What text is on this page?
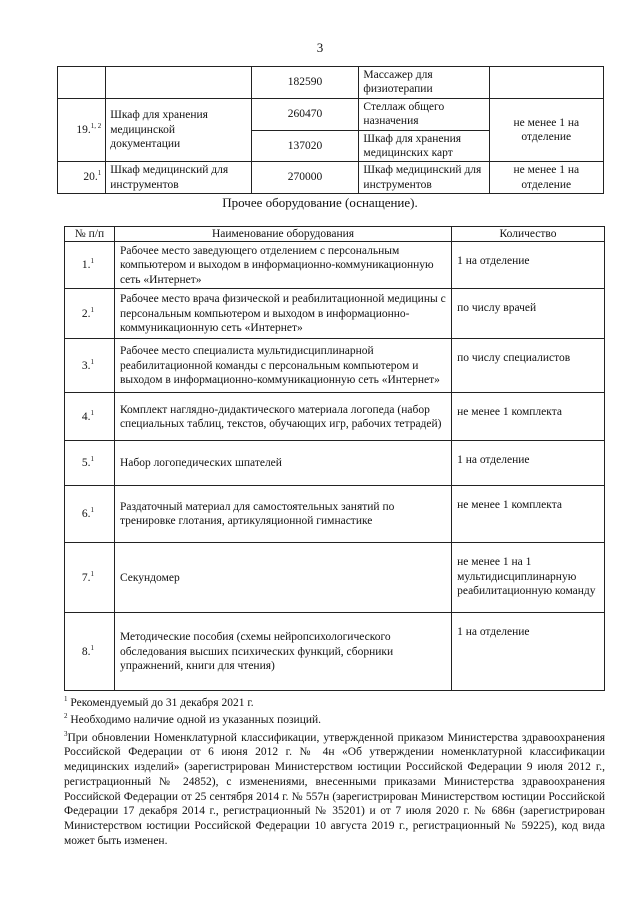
3
		182590	Массажер для физиотерапии	
19.$^{1, 2}$	Шкаф для хранения медицинской документации	260470	Стеллаж общего назначения	не менее 1 на отделение
		137020	Шкаф для хранения медицинских карт	
20.$^1$	Шкаф медицинский для инструментов	270000	Шкаф медицинский для инструментов	не менее 1 на отделение
Прочее оборудование (оснащение).
№ п/п	Наименование оборудования	Количество
1.$^1$	Рабочее место заведующего отделением с персональным компьютером и выходом в информационно-коммуникационную сеть «Интернет»	1 на отделение
2.$^1$	Рабочее место врача физической и реабилитационной медицины с персональным компьютером и выходом в информационно-коммуникационную сеть «Интернет»	по числу врачей
3.$^1$	Рабочее место специалиста мультидисциплинарной реабилитационной команды с персональным компьютером и выходом в информационно-коммуникационную сеть «Интернет»	по числу специалистов
4.$^1$	Комплект наглядно-дидактического материала логопеда (набор специальных таблиц, текстов, обучающих игр, рабочих тетрадей)	не менее 1 комплекта
5.$^1$	Набор логопедических шпателей	1 на отделение
6.$^1$	Раздаточный материал для самостоятельных занятий по тренировке глотания, артикуляционной гимнастике	не менее 1 комплекта
7.$^1$	Секундомер	не менее 1 на 1 мультидисциплинарную реабилитационную команду
8.$^1$	Методические пособия (схемы нейропсихологического обследования высших психических функций, сборники упражнений, книги для чтения)	1 на отделение

$^1$ Рекомендуемый до 31 декабря 2021 г.

$^2$ Необходимо наличие одной из указанных позиций.

$^3$При обновлении Номенклатурной классификации, утвержденной приказом Министерства здравоохранения Российской Федерации от 6 июня 2012 г. № 4н «Об утверждении номенклатурной классификации медицинских изделий» (зарегистрирован Министерством юстиции Российской Федерации 9 июля 2012 г., регистрационный № 24852), с изменениями, внесенными приказами Министерства здравоохранения Российской Федерации от 25 сентября 2014 г. № 557н (зарегистрирован Министерством юстиции Российской Федерации 17 декабря 2014 г., регистрационный № 35201) и от 7 июля 2020 г. № 686н (зарегистрирован Министерством юстиции Российской Федерации 10 августа 2019 г., регистрационный № 59225), код вида может быть изменен.
